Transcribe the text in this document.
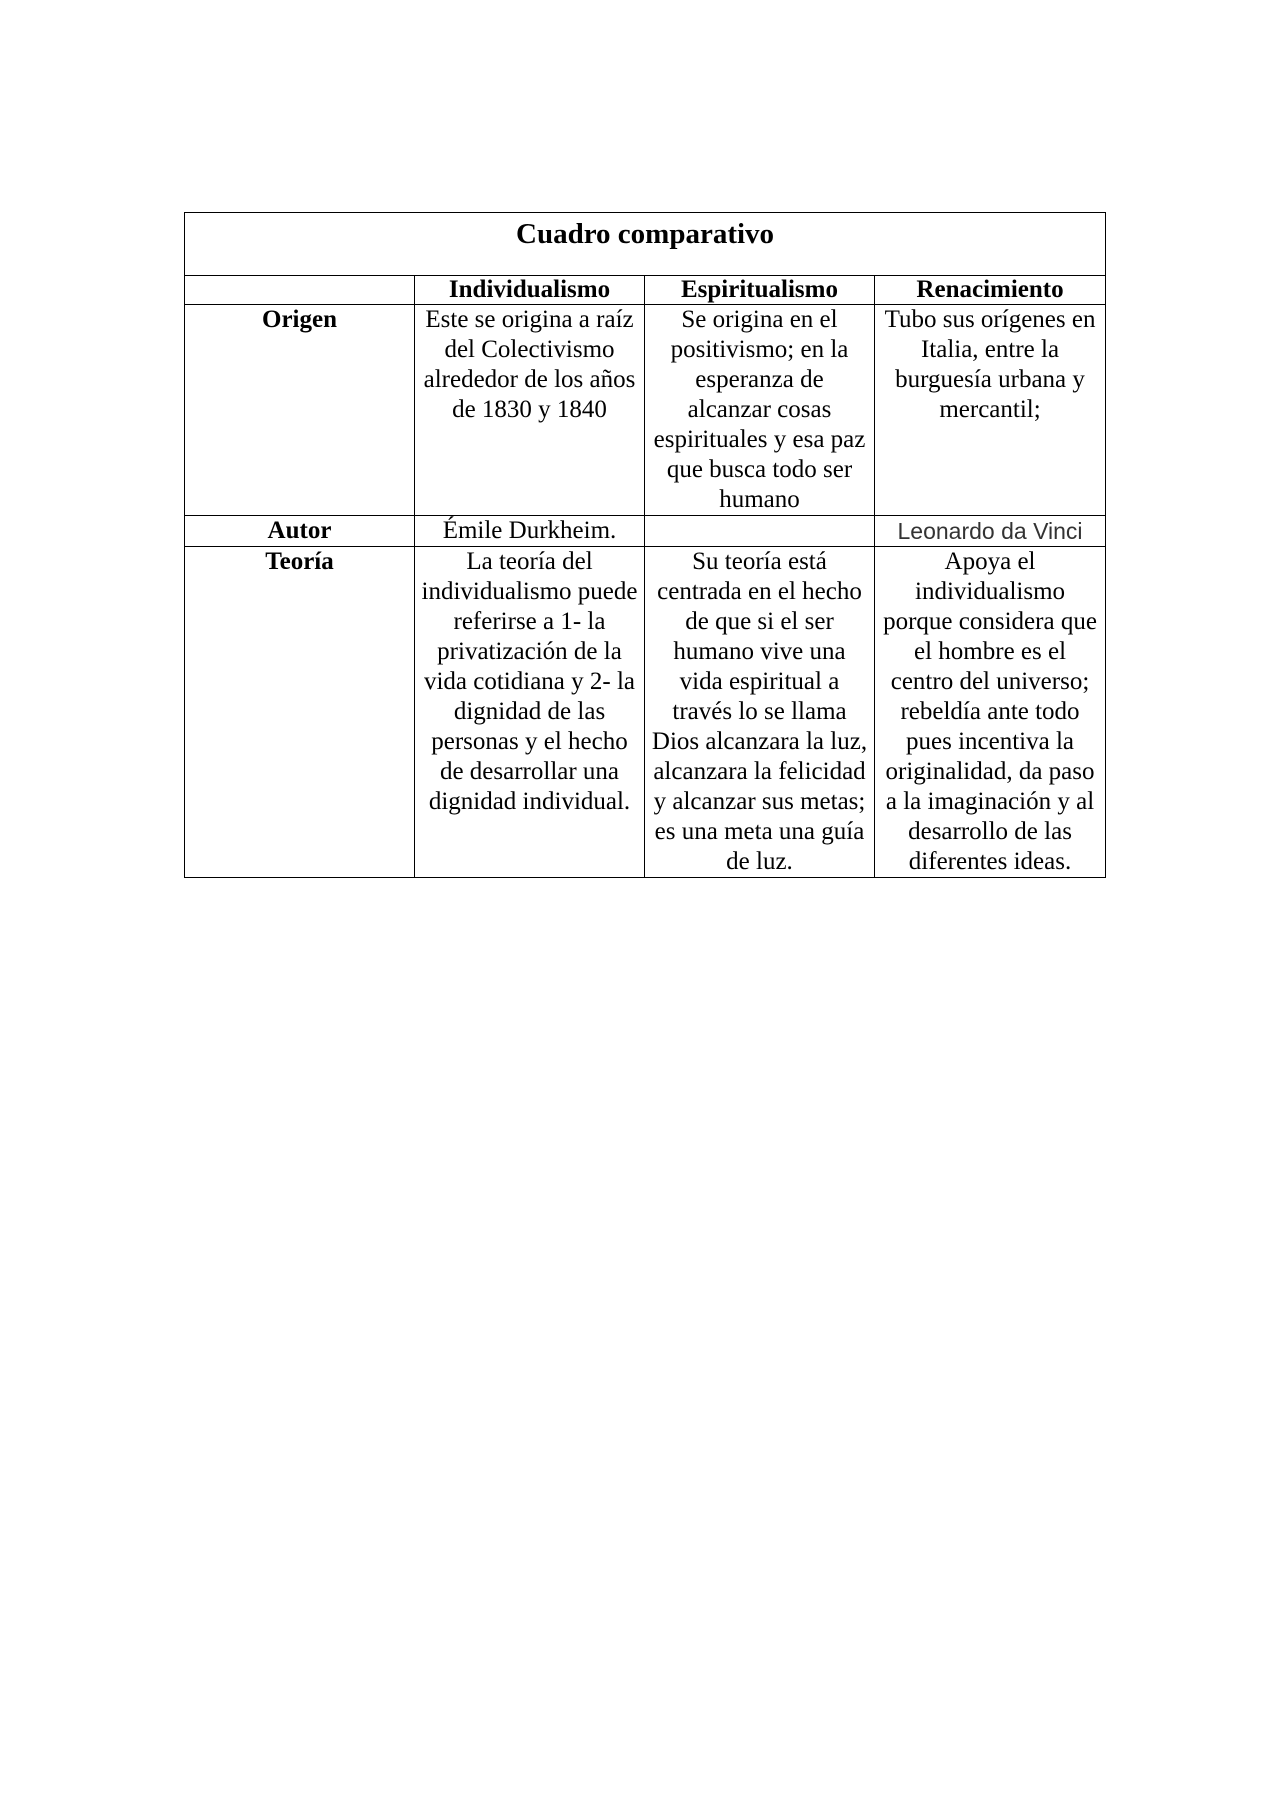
Cuadro comparativo			
	Individualismo	Espiritualismo	Renacimiento
Origen	Este se origina a raíz del Colectivismo alrededor de los años de 1830 y 1840	Se origina en el positivismo; en la esperanza de alcanzar cosas espirituales y esa paz que busca todo ser humano	Tubo sus orígenes en Italia, entre la burguesía urbana y mercantil;
Autor	Émile Durkheim.		Leonardo da Vinci
Teoría	La teoría del individualismo puede referirse a 1- la privatización de la vida cotidiana y 2- la dignidad de las personas y el hecho de desarrollar una dignidad individual.	Su teoría está centrada en el hecho de que si el ser humano vive una vida espiritual a través lo se llama Dios alcanzara la luz, alcanzara la felicidad y alcanzar sus metas; es una meta una guía de luz.	Apoya el individualismo porque considera que el hombre es el centro del universo; rebeldía ante todo pues incentiva la originalidad, da paso a la imaginación y al desarrollo de las diferentes ideas.
